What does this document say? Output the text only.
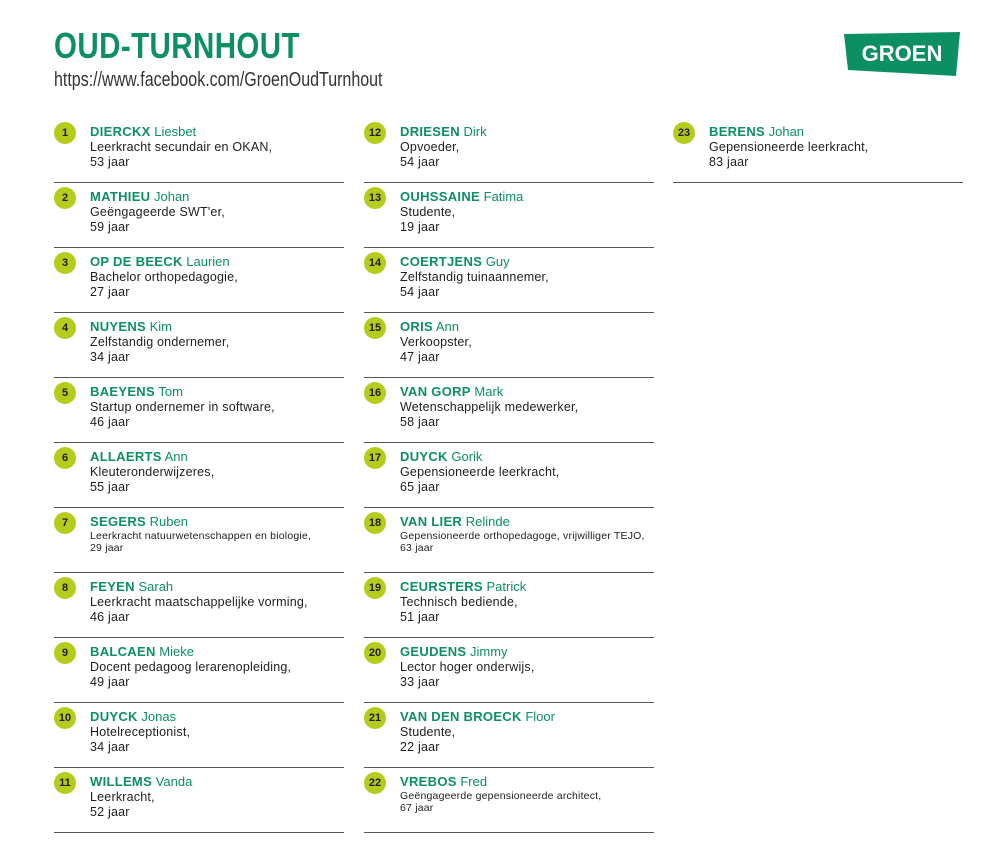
OUD-TURNHOUT
https://www.facebook.com/GroenOudTurnhout
GROEN
1	DIERCKX Liesbet
Leerkracht secundair en OKAN,
53 jaar
2	MATHIEU Johan
Geëngageerde SWT'er,
59 jaar
3	OP DE BEECK Laurien
Bachelor orthopedagogie,
27 jaar
4	NUYENS Kim
Zelfstandig ondernemer,
34 jaar
5	BAEYENS Tom
Startup ondernemer in software,
46 jaar
6	ALLAERTS Ann
Kleuteronderwijzeres,
55 jaar
7	SEGERS Ruben
Leerkracht natuurwetenschappen en biologie,
29 jaar
8	FEYEN Sarah
Leerkracht maatschappelijke vorming,
46 jaar
9	BALCAEN Mieke
Docent pedagoog lerarenopleiding,
49 jaar
10	DUYCK Jonas
Hotelreceptionist,
34 jaar
11	WILLEMS Vanda
Leerkracht,
52 jaar
12	DRIESEN Dirk
Opvoeder,
54 jaar
13	OUHSSAINE Fatima
Studente,
19 jaar
14	COERTJENS Guy
Zelfstandig tuinaannemer,
54 jaar
15	ORIS Ann
Verkoopster,
47 jaar
16	VAN GORP Mark
Wetenschappelijk medewerker,
58 jaar
17	DUYCK Gorik
Gepensioneerde leerkracht,
65 jaar
18	VAN LIER Relinde
Gepensioneerde orthopedagoge, vrijwilliger TEJO,
63 jaar
19	CEURSTERS Patrick
Technisch bediende,
51 jaar
20	GEUDENS Jimmy
Lector hoger onderwijs,
33 jaar
21	VAN DEN BROECK Floor
Studente,
22 jaar
22	VREBOS Fred
Geëngageerde gepensioneerde architect,
67 jaar
23	BERENS Johan
Gepensioneerde leerkracht,
83 jaar
